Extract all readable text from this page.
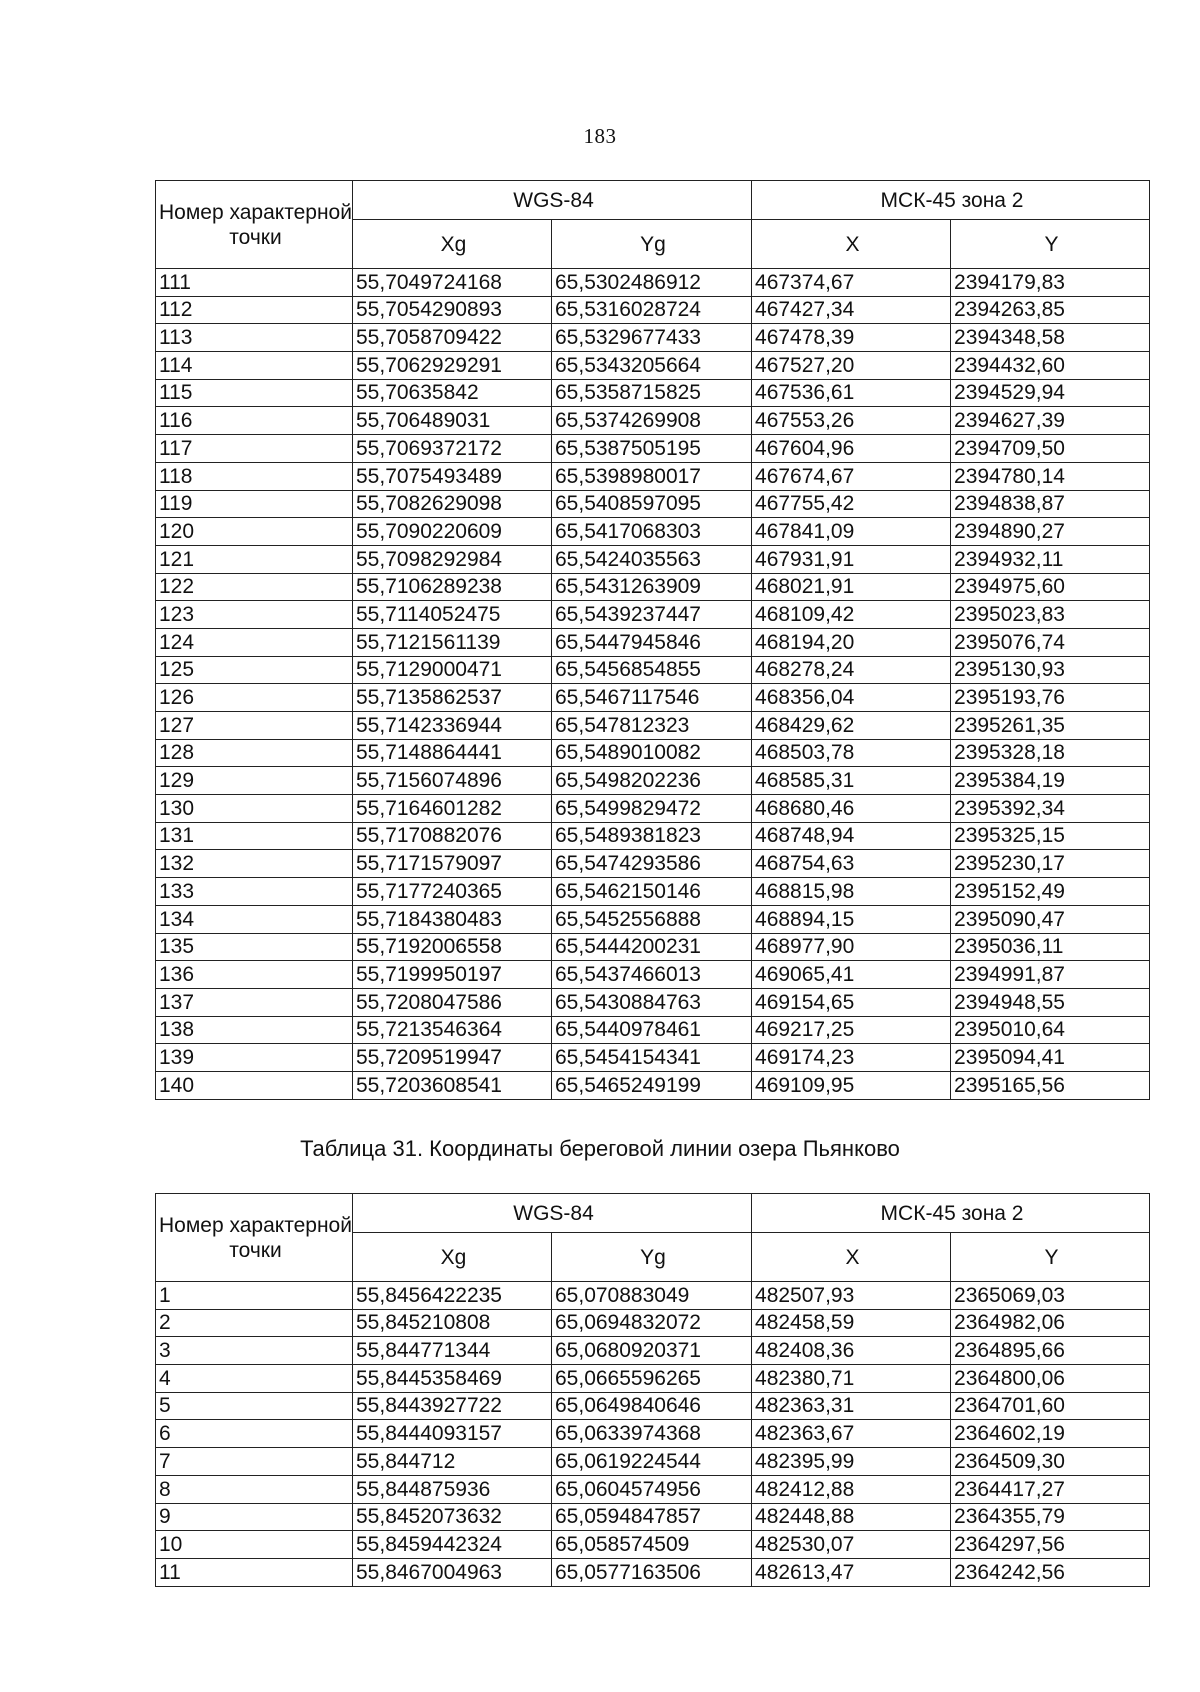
183
Номер характерной точки	WGS-84		МСК-45 зона 2	
	Xg	Yg	X	Y
111	55,7049724168	65,5302486912	467374,67	2394179,83
112	55,7054290893	65,5316028724	467427,34	2394263,85
113	55,7058709422	65,5329677433	467478,39	2394348,58
114	55,7062929291	65,5343205664	467527,20	2394432,60
115	55,70635842	65,5358715825	467536,61	2394529,94
116	55,706489031	65,5374269908	467553,26	2394627,39
117	55,7069372172	65,5387505195	467604,96	2394709,50
118	55,7075493489	65,5398980017	467674,67	2394780,14
119	55,7082629098	65,5408597095	467755,42	2394838,87
120	55,7090220609	65,5417068303	467841,09	2394890,27
121	55,7098292984	65,5424035563	467931,91	2394932,11
122	55,7106289238	65,5431263909	468021,91	2394975,60
123	55,7114052475	65,5439237447	468109,42	2395023,83
124	55,7121561139	65,5447945846	468194,20	2395076,74
125	55,7129000471	65,5456854855	468278,24	2395130,93
126	55,7135862537	65,5467117546	468356,04	2395193,76
127	55,7142336944	65,547812323	468429,62	2395261,35
128	55,7148864441	65,5489010082	468503,78	2395328,18
129	55,7156074896	65,5498202236	468585,31	2395384,19
130	55,7164601282	65,5499829472	468680,46	2395392,34
131	55,7170882076	65,5489381823	468748,94	2395325,15
132	55,7171579097	65,5474293586	468754,63	2395230,17
133	55,7177240365	65,5462150146	468815,98	2395152,49
134	55,7184380483	65,5452556888	468894,15	2395090,47
135	55,7192006558	65,5444200231	468977,90	2395036,11
136	55,7199950197	65,5437466013	469065,41	2394991,87
137	55,7208047586	65,5430884763	469154,65	2394948,55
138	55,7213546364	65,5440978461	469217,25	2395010,64
139	55,7209519947	65,5454154341	469174,23	2395094,41
140	55,7203608541	65,5465249199	469109,95	2395165,56
Таблица 31. Координаты береговой линии озера Пьянково
Номер характерной точки	WGS-84		МСК-45 зона 2	
	Xg	Yg	X	Y
1	55,8456422235	65,070883049	482507,93	2365069,03
2	55,845210808	65,0694832072	482458,59	2364982,06
3	55,844771344	65,0680920371	482408,36	2364895,66
4	55,8445358469	65,0665596265	482380,71	2364800,06
5	55,8443927722	65,0649840646	482363,31	2364701,60
6	55,8444093157	65,0633974368	482363,67	2364602,19
7	55,844712	65,0619224544	482395,99	2364509,30
8	55,844875936	65,0604574956	482412,88	2364417,27
9	55,8452073632	65,0594847857	482448,88	2364355,79
10	55,8459442324	65,058574509	482530,07	2364297,56
11	55,8467004963	65,0577163506	482613,47	2364242,56
